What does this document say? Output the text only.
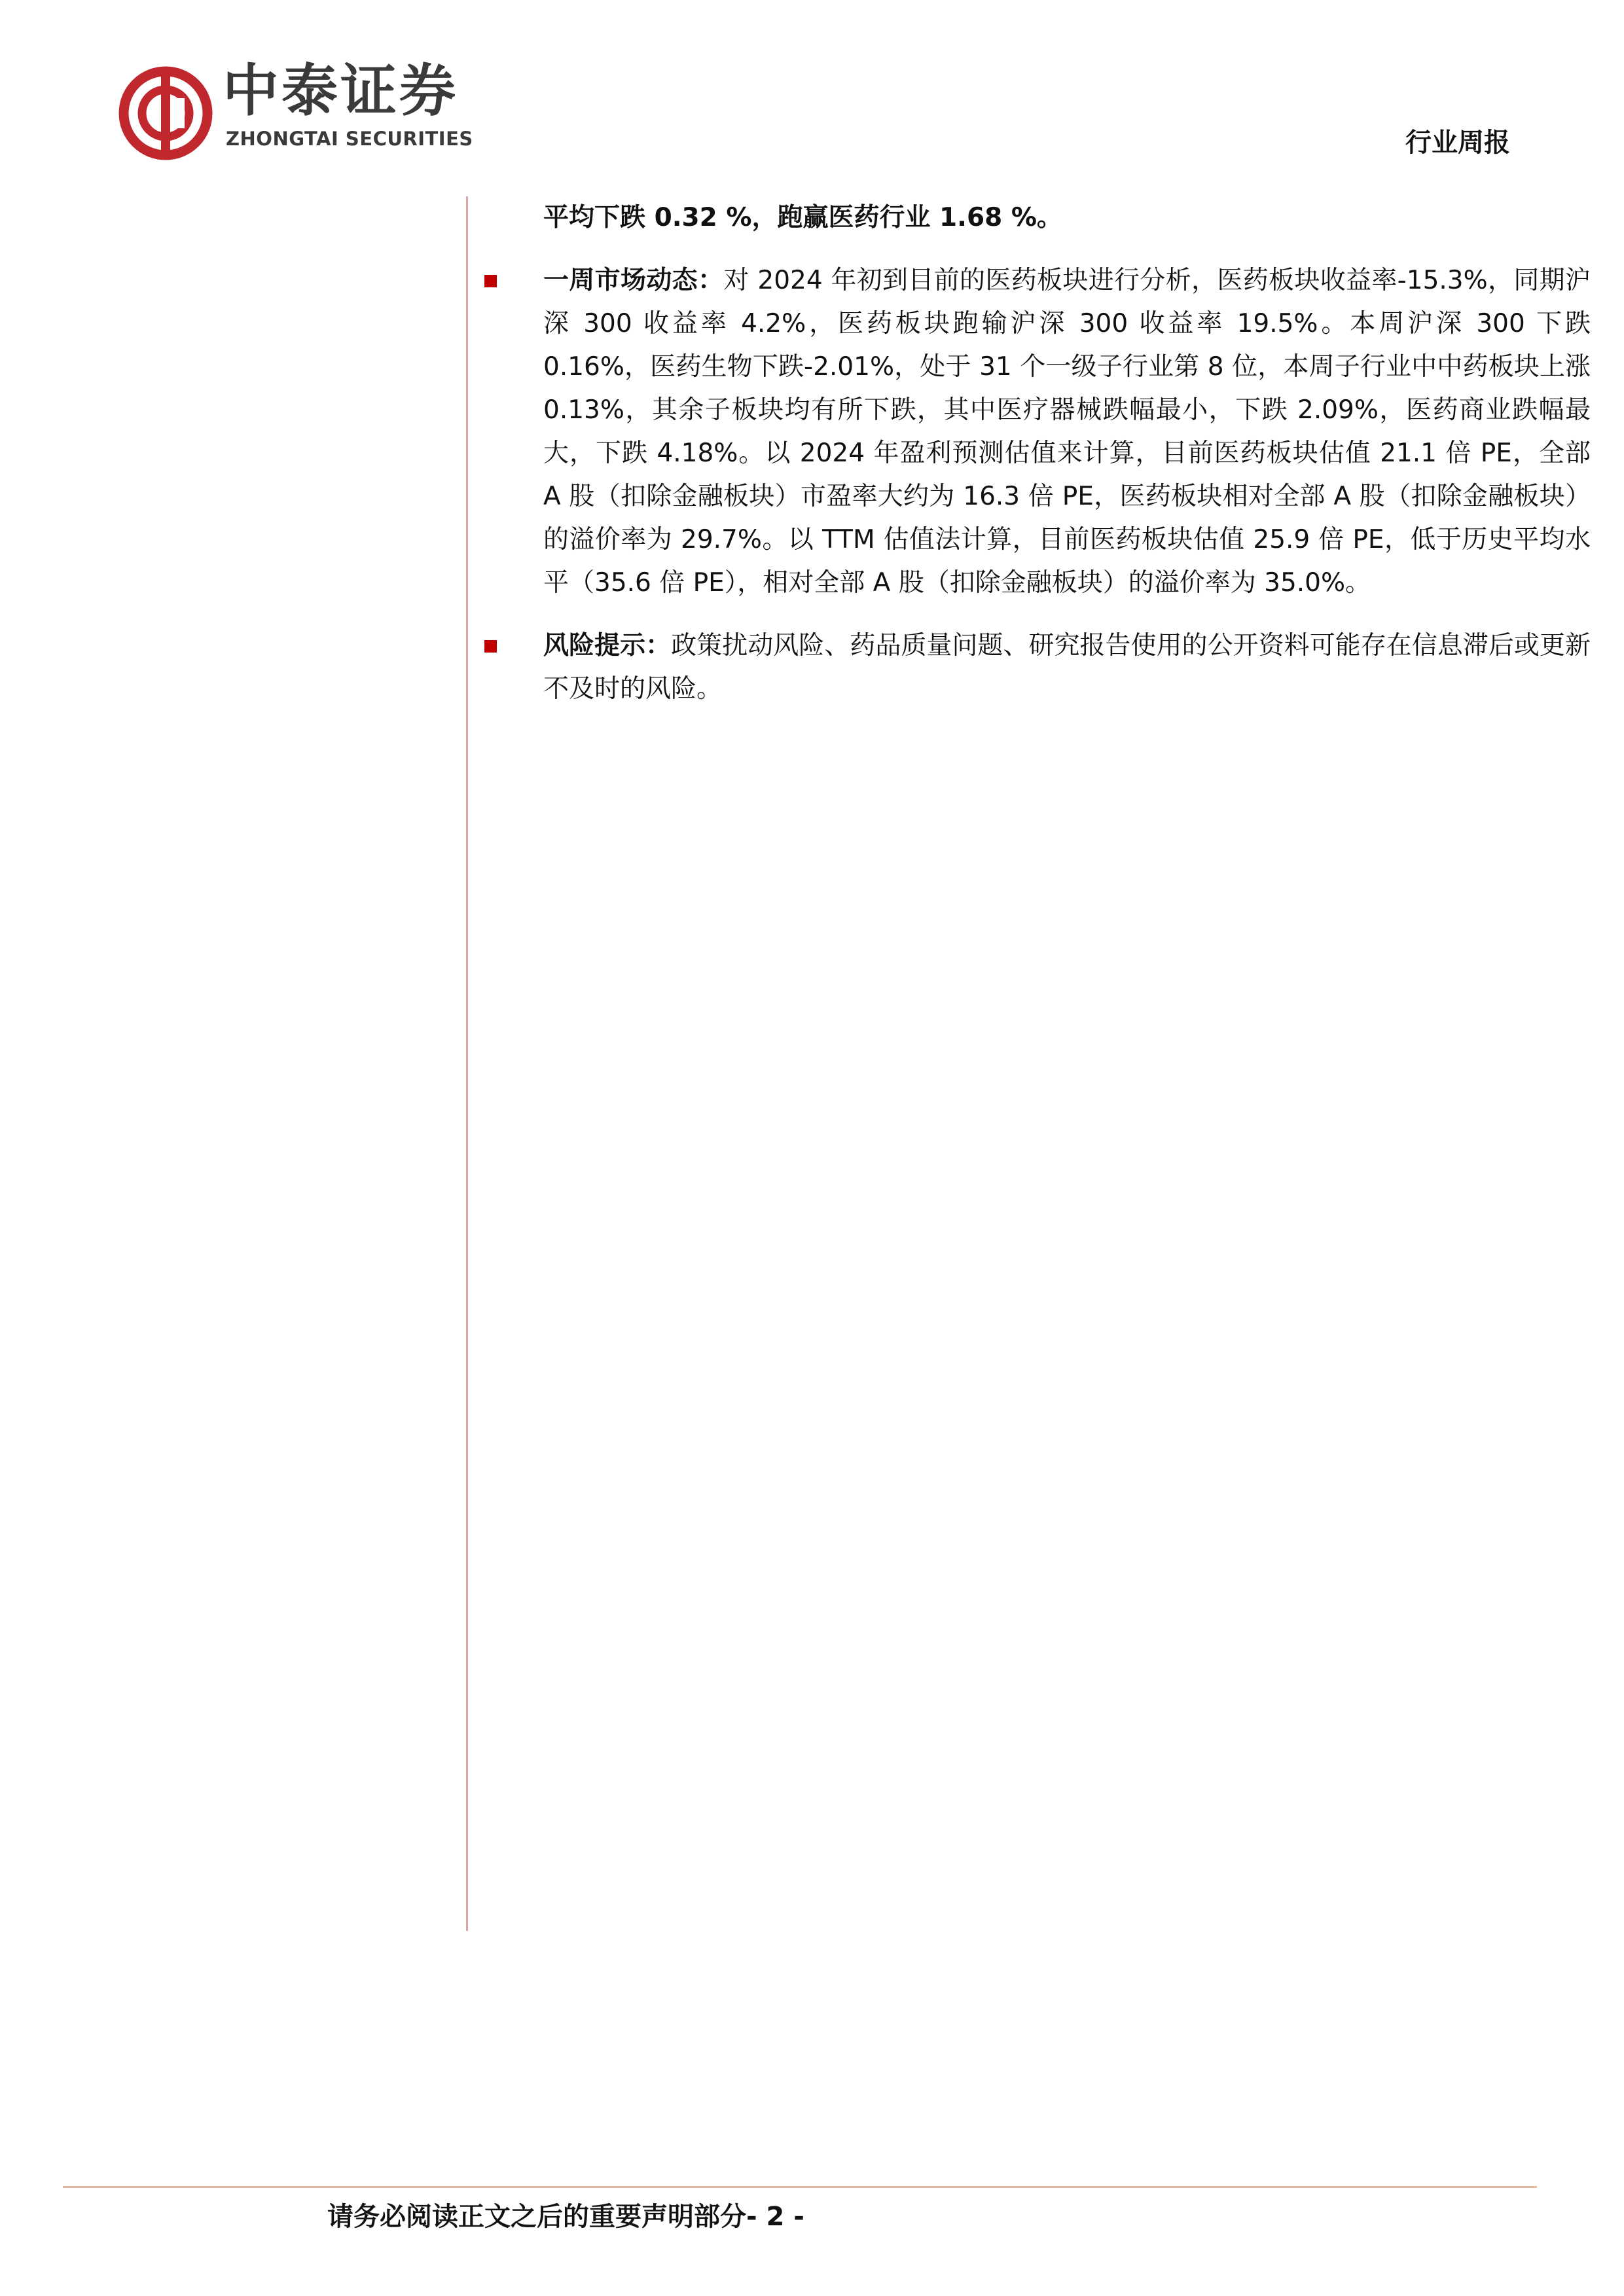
中泰证券
ZHONGTAI SECURITIES	行业周报

平均下跌 0.32 %，跑赢医药行业 1.68 %。

一周市场动态：对 2024 年初到目前的医药板块进行分析，医药板块收益率-15.3%，同期沪深 300 收益率 4.2%，医药板块跑输沪深 300 收益率 19.5%。本周沪深 300 下跌 0.16%，医药生物下跌-2.01%，处于 31 个一级子行业第 8 位，本周子行业中中药板块上涨 0.13%，其余子板块均有所下跌，其中医疗器械跌幅最小，下跌 2.09%，医药商业跌幅最大，下跌 4.18%。以 2024 年盈利预测估值来计算，目前医药板块估值 21.1 倍 PE，全部 A 股（扣除金融板块）市盈率大约为 16.3 倍 PE，医药板块相对全部 A 股（扣除金融板块）的溢价率为 29.7%。以 TTM 估值法计算，目前医药板块估值 25.9 倍 PE，低于历史平均水平（35.6 倍 PE），相对全部 A 股（扣除金融板块）的溢价率为 35.0%。

风险提示：政策扰动风险、药品质量问题、研究报告使用的公开资料可能存在信息滞后或更新不及时的风险。

请务必阅读正文之后的重要声明部分- 2 -
